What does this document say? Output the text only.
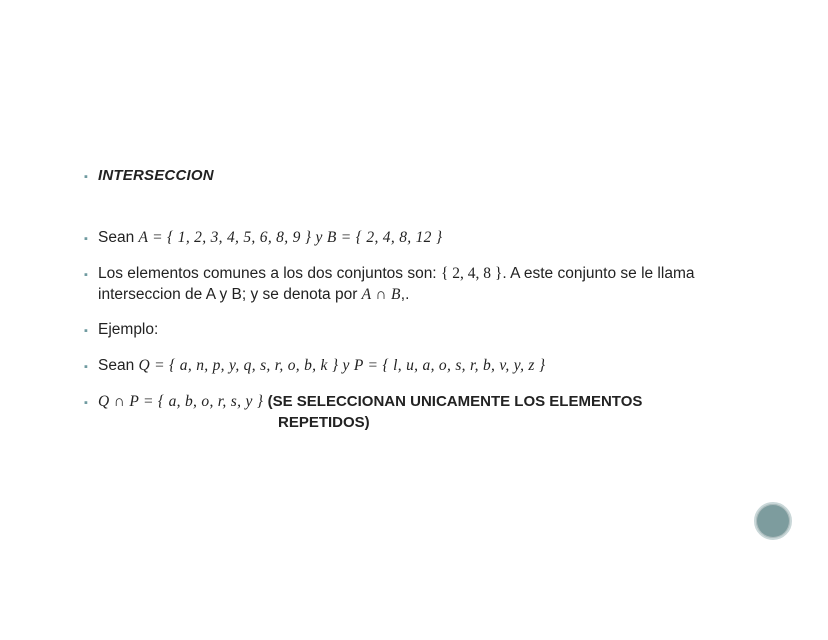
▪ INTERSECCION
▪ Sean A = { 1, 2, 3, 4, 5, 6, 8, 9 } y B = { 2, 4, 8, 12 }
▪ Los elementos comunes a los dos conjuntos son: { 2, 4, 8 }. A este conjunto se le llama interseccion de A y B; y se denota por A ∩ B,.
▪ Ejemplo:
▪ Sean Q = { a, n, p, y, q, s, r, o, b, k } y P = { l, u, a, o, s, r, b, v, y, z }
▪ Q ∩ P = { a, b, o, r, s, y } (SE SELECCIONAN UNICAMENTE LOS ELEMENTOS
REPETIDOS)
